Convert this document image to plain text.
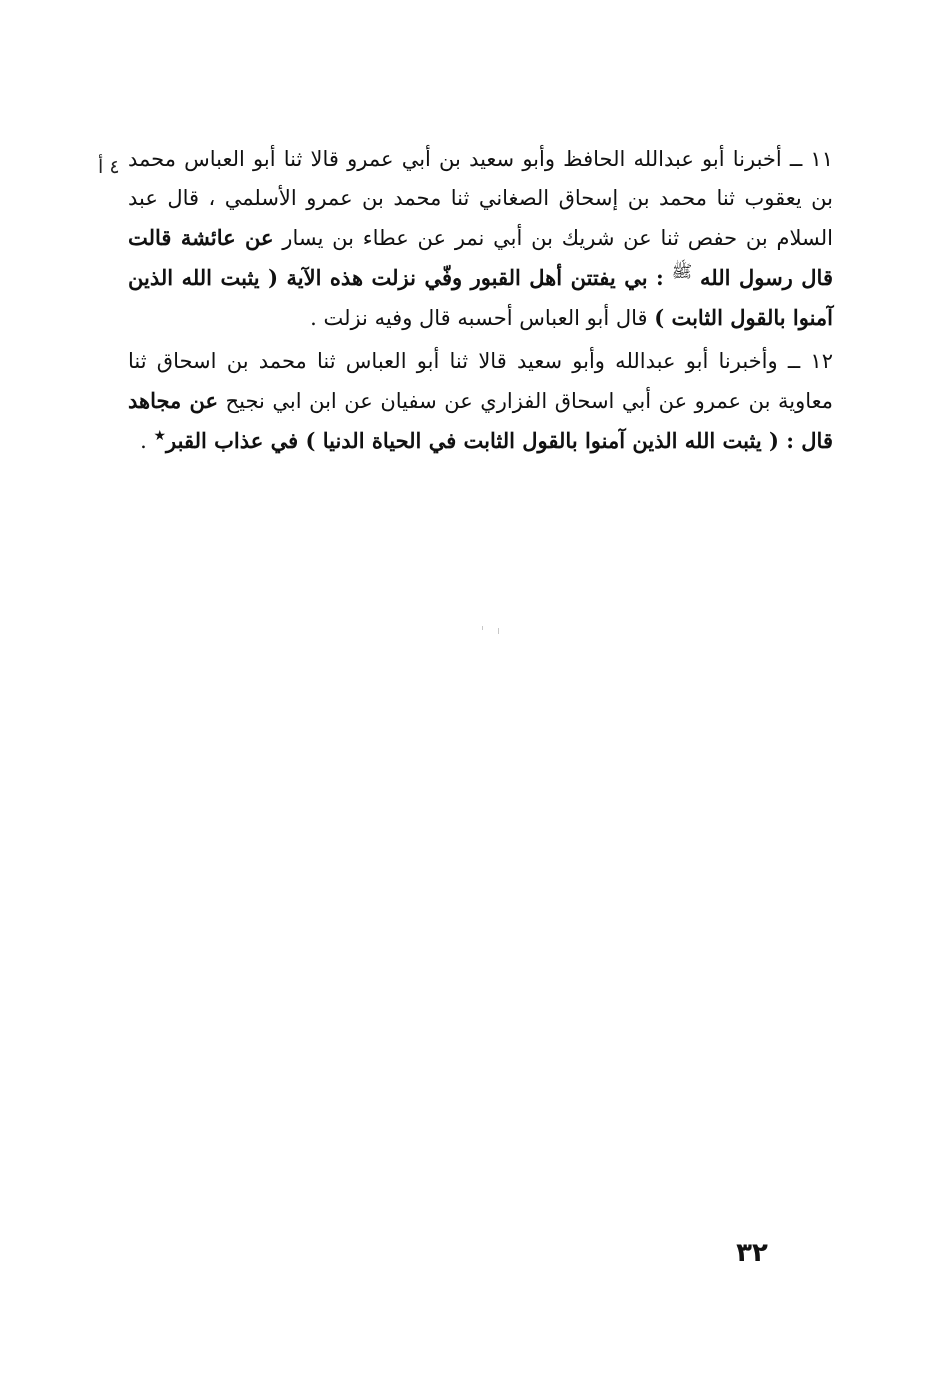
٤ أ	١١ ــ أخبرنا أبو عبدالله الحافظ وأبو سعيد بن أبي عمرو قالا ثنا أبو العباس محمد بن يعقوب ثنا محمد بن إسحاق الصغاني ثنا محمد بن عمرو الأسلمي ، قال عبد السلام بن حفص ثنا عن شريك بن أبي نمر عن عطاء بن يسار عن عائشة قالت قال رسول الله $^ﷺ$ : بي يفتتن أهل القبور وفّي نزلت هذه الآية ( يثبت الله الذين آمنوا بالقول الثابت ) قال أبو العباس أحسبه قال وفيه نزلت .

١٢ ــ وأخبرنا أبو عبدالله وأبو سعيد قالا ثنا أبو العباس ثنا محمد بن اسحاق ثنا معاوية بن عمرو عن أبي اسحاق الفزاري عن سفيان عن ابن ابي نجيح عن مجاهد قال : ( يثبت الله الذين آمنوا بالقول الثابت في الحياة الدنيا ) في عذاب القبر★ .

٣٢
